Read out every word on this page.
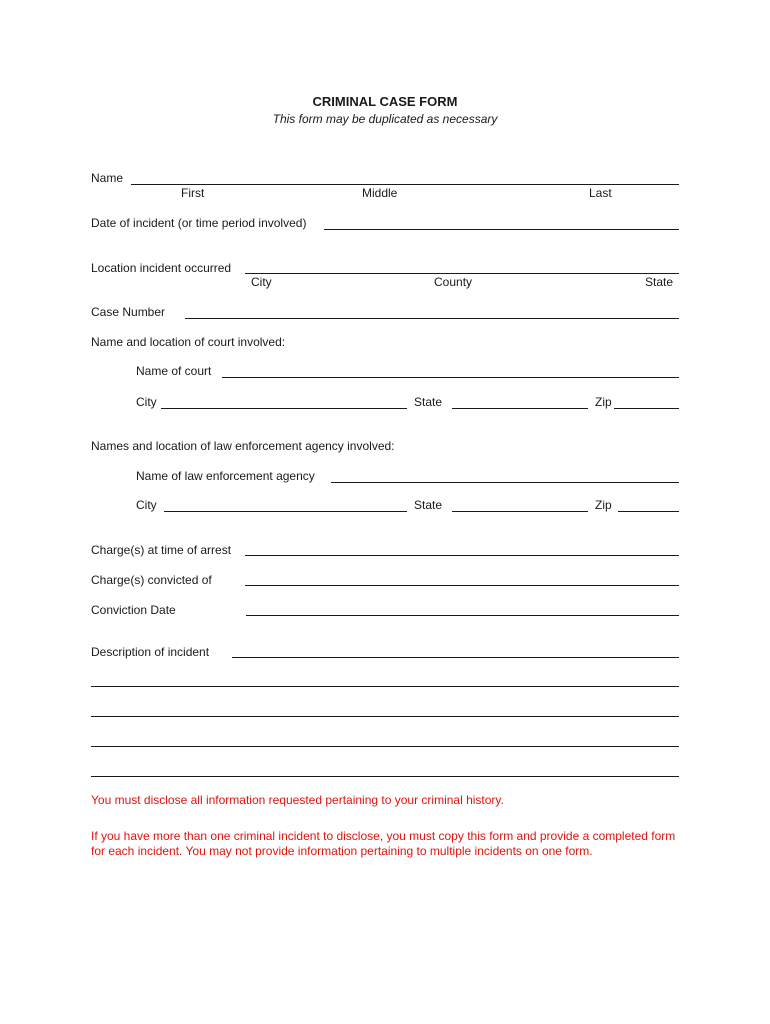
CRIMINAL CASE FORM
This form may be duplicated as necessary
Name
First	Middle	Last
Date of incident (or time period involved)
Location incident occurred
City	County	State
Case Number
Name and location of court involved:
Name of court
City	State	Zip
Names and location of law enforcement agency involved:
Name of law enforcement agency
City	State	Zip
Charge(s) at time of arrest
Charge(s) convicted of
Conviction Date
Description of incident
You must disclose all information requested pertaining to your criminal history.
If you have more than one criminal incident to disclose, you must copy this form and provide a completed form for each incident. You may not provide information pertaining to multiple incidents on one form.
